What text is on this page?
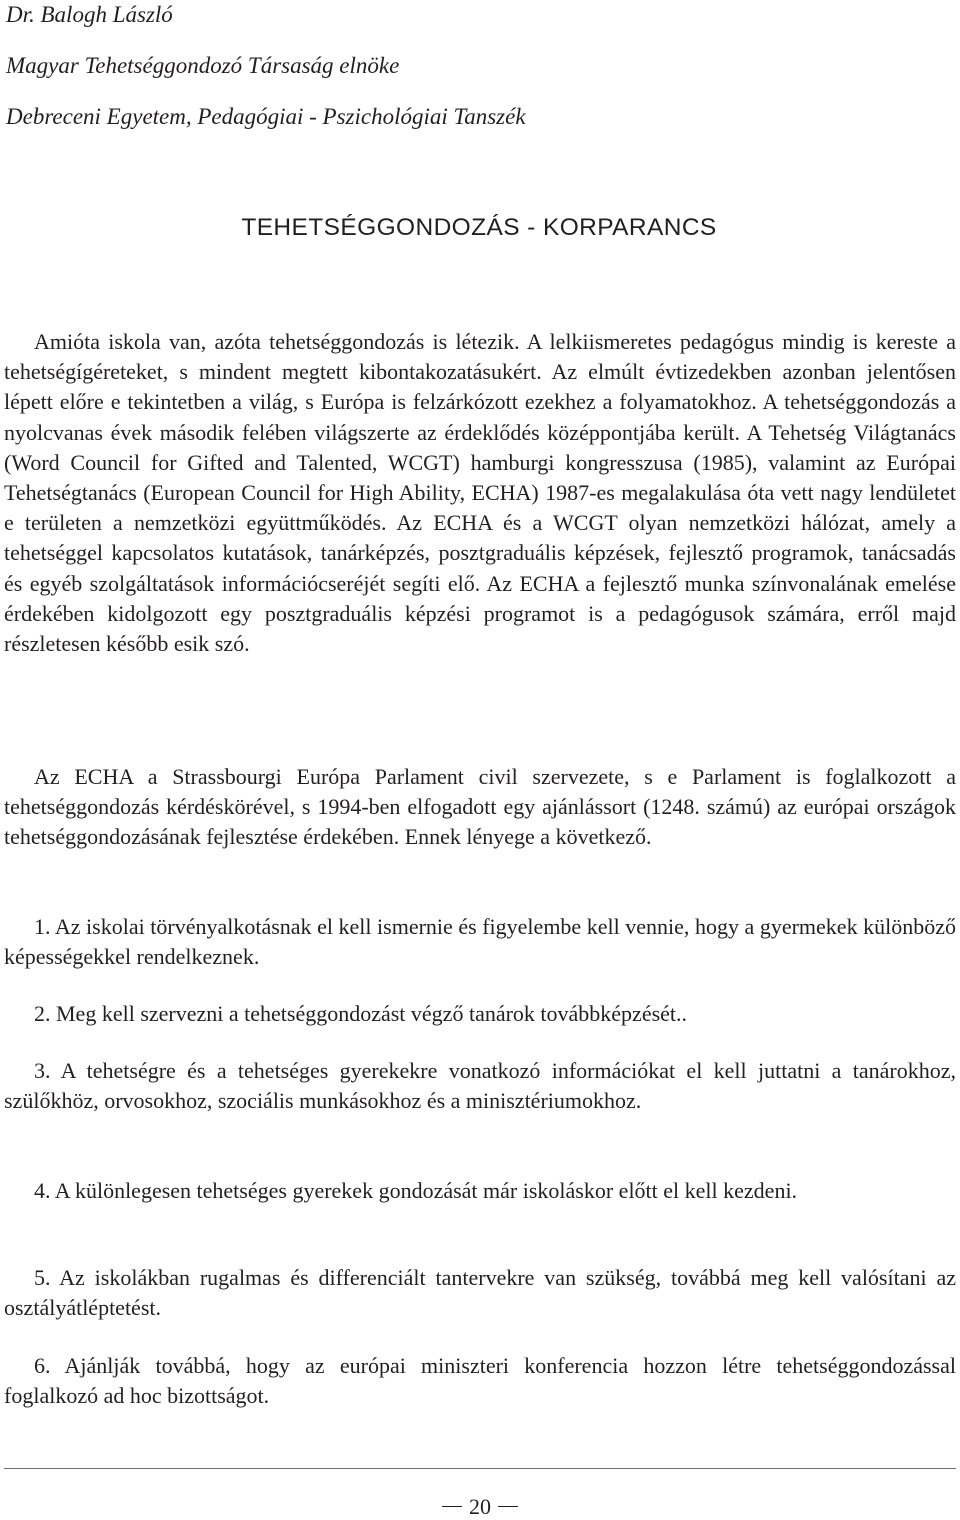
Dr. Balogh László
Magyar Tehetséggondozó Társaság elnöke
Debreceni Egyetem, Pedagógiai - Pszichológiai Tanszék
TEHETSÉGGONDOZÁS - KORPARANCS

Amióta iskola van, azóta tehetséggondozás is létezik. A lelkiismeretes pedagógus mindig is kereste a tehetségígéreteket, s mindent megtett kibontakozatásukért. Az elmúlt évtizedekben azonban jelentősen lépett előre e tekintetben a világ, s Európa is felzárkózott ezekhez a folyamatokhoz. A tehetséggondozás a nyolcvanas évek második felében világszerte az érdeklődés középpontjába került. A Tehetség Világtanács (Word Council for Gifted and Talented, WCGT) hamburgi kongresszusa (1985), valamint az Európai Tehetségtanács (European Council for High Ability, ECHA) 1987-es megalakulása óta vett nagy lendületet e területen a nemzetközi együttműködés. Az ECHA és a WCGT olyan nemzetközi hálózat, amely a tehetséggel kapcsolatos kutatások, tanárképzés, posztgraduális képzések, fejlesztő programok, tanácsadás és egyéb szolgáltatások információcseréjét segíti elő. Az ECHA a fejlesztő munka színvonalának emelése érdekében kidolgozott egy posztgraduális képzési programot is a pedagógusok számára, erről majd részletesen később esik szó.

Az ECHA a Strassbourgi Európa Parlament civil szervezete, s e Parlament is foglalkozott a tehetséggondozás kérdéskörével, s 1994-ben elfogadott egy ajánlássort (1248. számú) az európai országok tehetséggondozásának fejlesztése érdekében. Ennek lényege a következő.

1. Az iskolai törvényalkotásnak el kell ismernie és figyelembe kell vennie, hogy a gyermekek különböző képességekkel rendelkeznek.

2. Meg kell szervezni a tehetséggondozást végző tanárok továbbképzését..

3. A tehetségre és a tehetséges gyerekekre vonatkozó információkat el kell juttatni a tanárokhoz, szülőkhöz, orvosokhoz, szociális munkásokhoz és a minisztériumokhoz.

4. A különlegesen tehetséges gyerekek gondozását már iskoláskor előtt el kell kezdeni.

5. Az iskolákban rugalmas és differenciált tantervekre van szükség, továbbá meg kell valósítani az osztályátléptetést.

6. Ajánlják továbbá, hogy az európai miniszteri konferencia hozzon létre tehetséggondozással foglalkozó ad hoc bizottságot.

20
